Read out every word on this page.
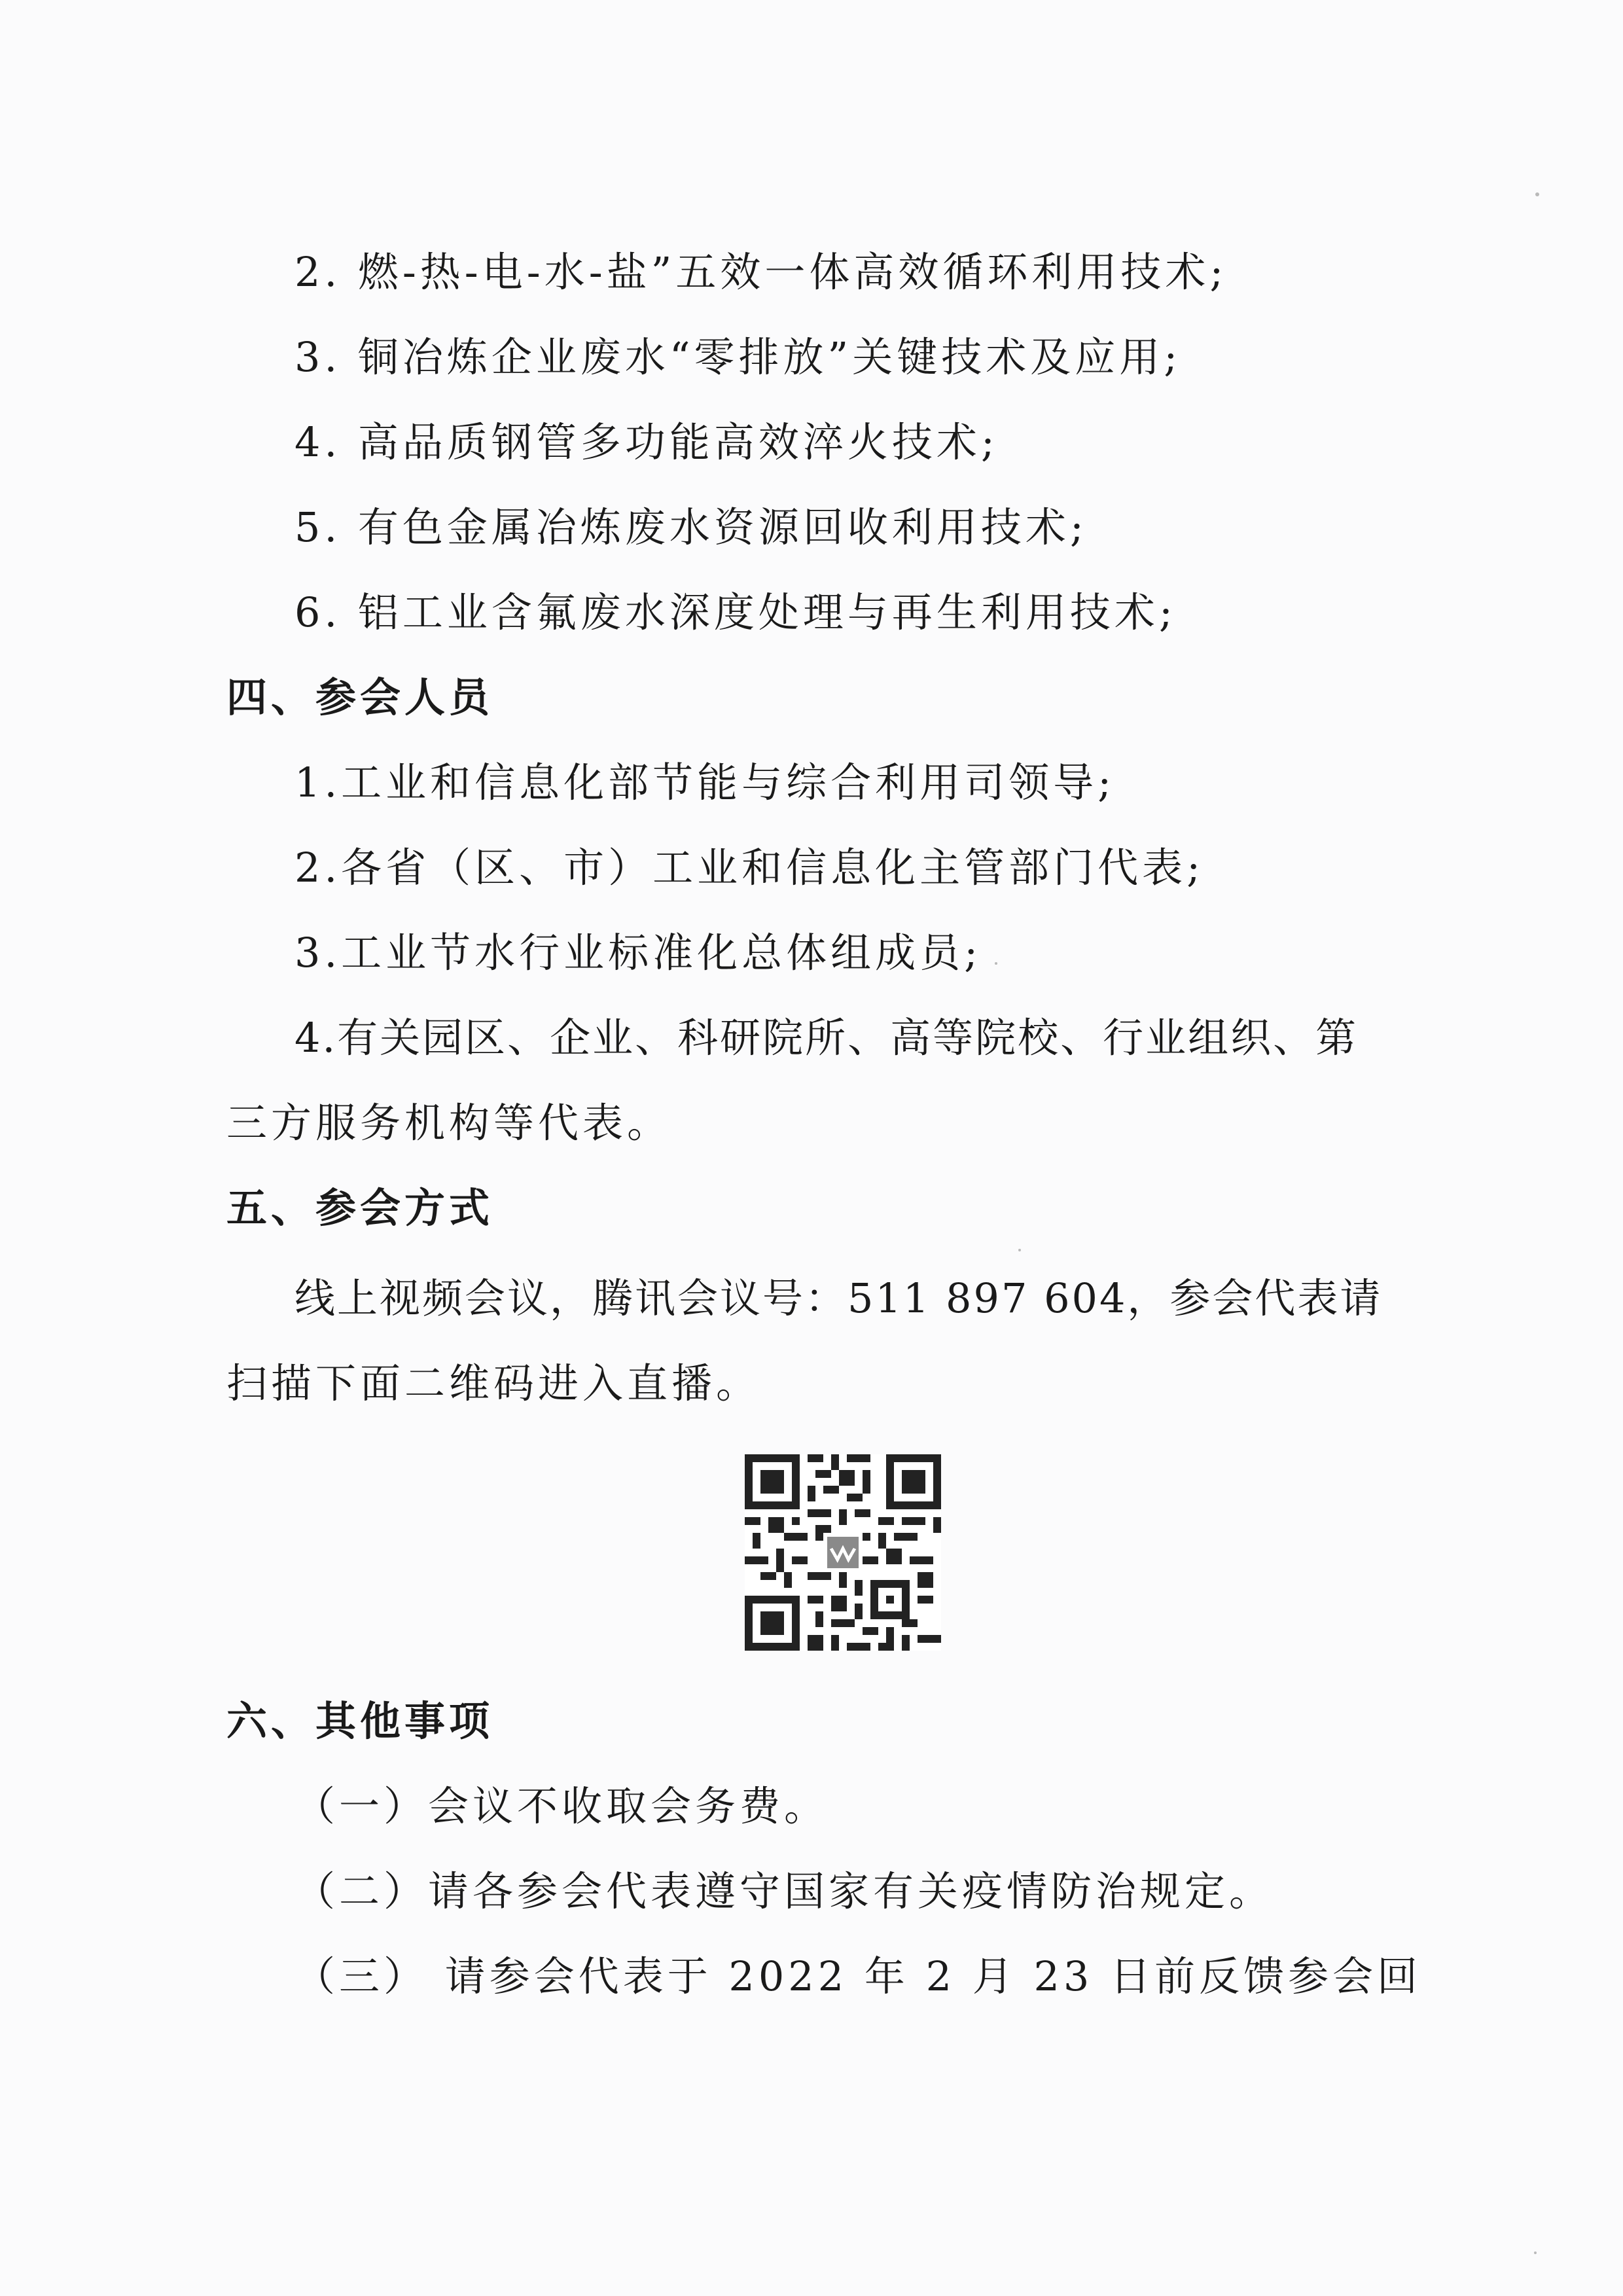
2. 燃-热-电-水-盐”五效一体高效循环利用技术;
3. 铜冶炼企业废水“零排放”关键技术及应用;
4. 高品质钢管多功能高效淬火技术;
5. 有色金属冶炼废水资源回收利用技术;
6. 铝工业含氟废水深度处理与再生利用技术;
四、参会人员
1.工业和信息化部节能与综合利用司领导;
2.各省（区、市）工业和信息化主管部门代表;
3.工业节水行业标准化总体组成员;
4.有关园区、企业、科研院所、高等院校、行业组织、第
三方服务机构等代表。
五、参会方式
线上视频会议，腾讯会议号：511 897 604，参会代表请
扫描下面二维码进入直播。
六、其他事项
（一）会议不收取会务费。
（二）请各参会代表遵守国家有关疫情防治规定。
（三） 请参会代表于 2022 年 2 月 23 日前反馈参会回
